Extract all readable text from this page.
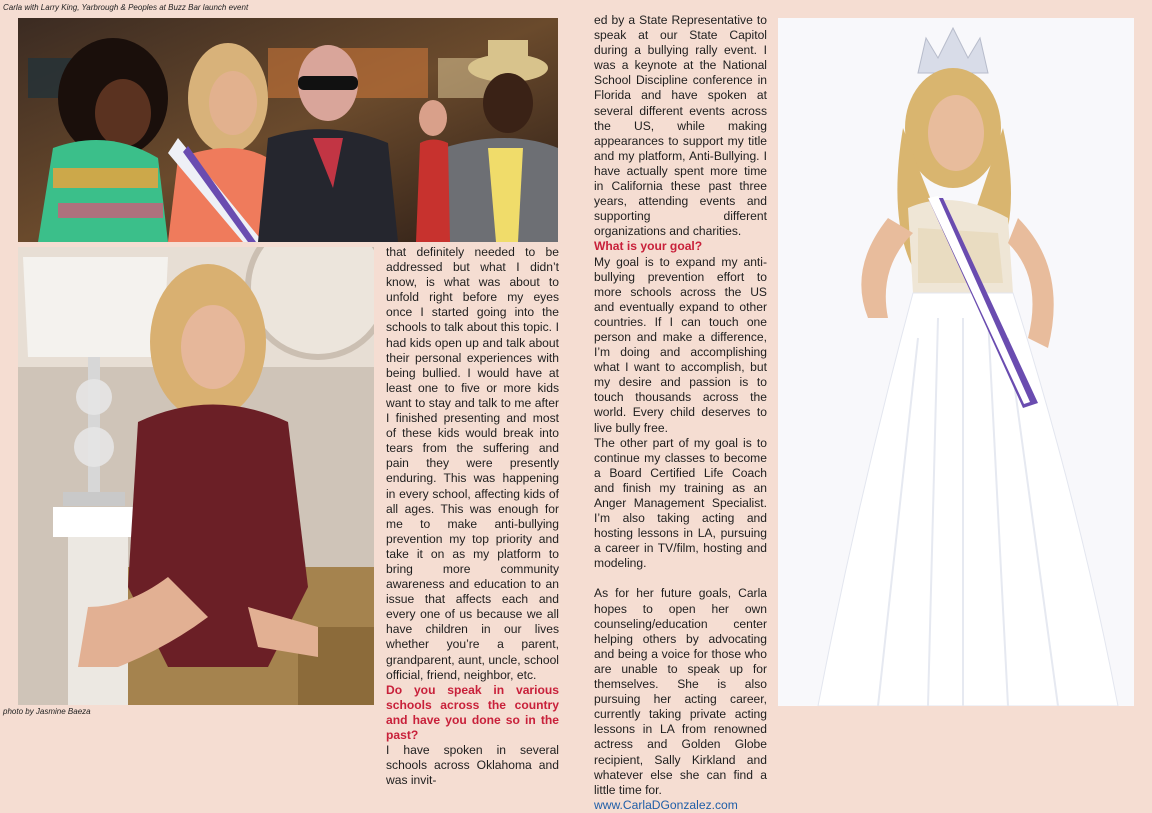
Carla with Larry King, Yarbrough & Peoples at Buzz Bar launch event
photo by Jasmine Baeza

that definitely needed to be addressed but what I didn’t know, is what was about to unfold right before my eyes once I started going into the schools to talk about this topic. I had kids open up and talk about their personal experiences with being bullied. I would have at least one to five or more kids want to stay and talk to me after I finished presenting and most of these kids would break into tears from the suffering and pain they were presently enduring. This was happening in every school, affecting kids of all ages. This was enough for me to make anti-bullying prevention my top priority and take it on as my platform to bring more community awareness and education to an issue that affects each and every one of us because we all have children in our lives whether you’re a parent, grandparent, aunt, uncle, school official, friend, neighbor, etc.

Do you speak in various schools across the country and have you done so in the past?

I have spoken in several schools across Oklahoma and was invit-

ed by a State Representative to speak at our State Capitol during a bullying rally event. I was a keynote at the National School Discipline conference in Florida and have spoken at several different events across the US, while making appearances to support my title and my platform, Anti-Bullying. I have actually spent more time in California these past three years, attending events and supporting different organizations and charities.

What is your goal?

My goal is to expand my anti-bullying prevention effort to more schools across the US and eventually expand to other countries. If I can touch one person and make a difference, I’m doing and accomplishing what I want to accomplish, but my desire and passion is to touch thousands across the world. Every child deserves to live bully free.

The other part of my goal is to continue my classes to become a Board Certified Life Coach and finish my training as an Anger Management Specialist. I’m also taking acting and hosting lessons in LA, pursuing a career in TV/film, hosting and modeling.

As for her future goals, Carla hopes to open her own counseling/education center helping others by advocating and being a voice for those who are unable to speak up for themselves. She is also pursuing her acting career, currently taking private acting lessons in LA from renowned actress and Golden Globe recipient, Sally Kirkland and whatever else she can find a little time for.

www.CarlaDGonzalez.com
